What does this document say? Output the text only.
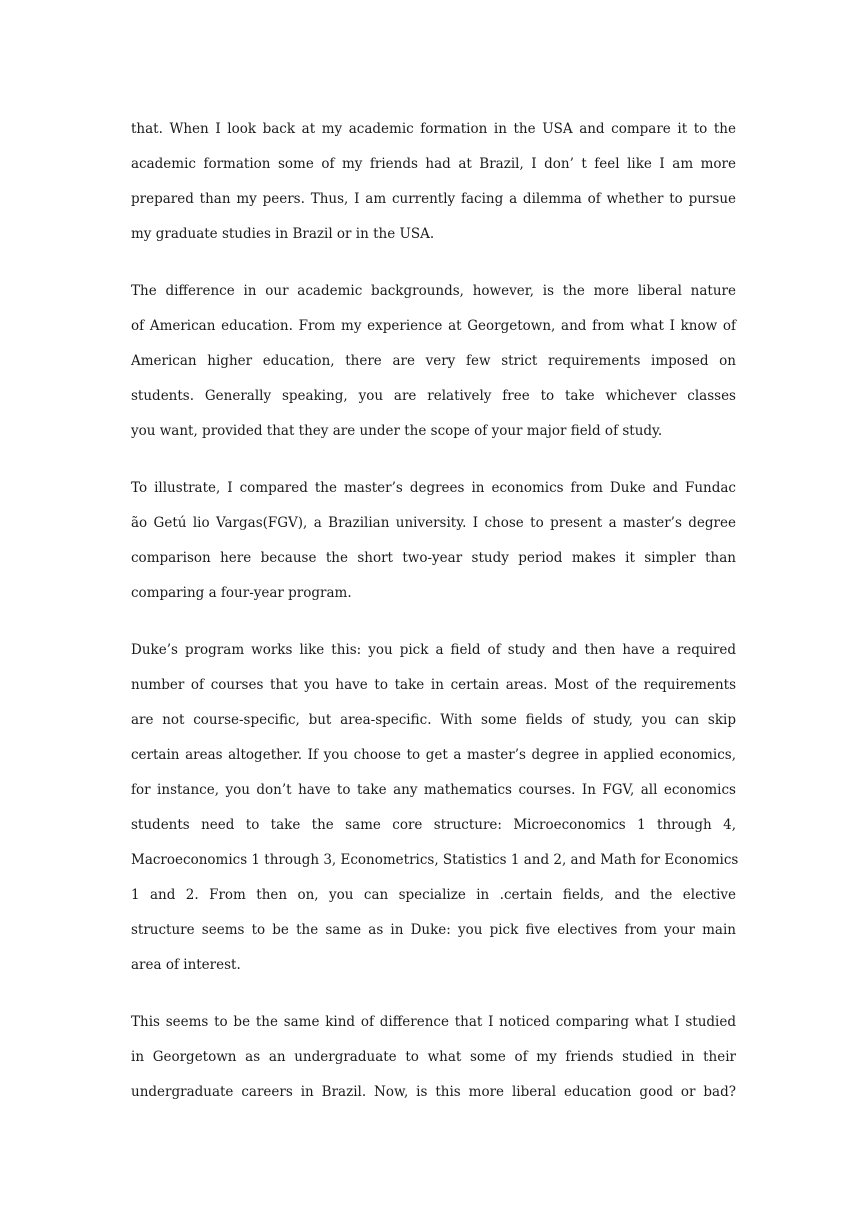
that. When I look back at my academic formation in the USA and compare it to the
academic formation some of my friends had at Brazil, I don’ t feel like I am more
prepared than my peers. Thus, I am currently facing a dilemma of whether to pursue
my graduate studies in Brazil or in the USA.

The difference in our academic backgrounds, however, is the more liberal nature
of American education. From my experience at Georgetown, and from what I know of
American higher education, there are very few strict requirements imposed on
students. Generally speaking, you are relatively free to take whichever classes
you want, provided that they are under the scope of your major field of study.

To illustrate, I compared the master’s degrees in economics from Duke and Fundac
ão Getú lio Vargas(FGV), a Brazilian university. I chose to present a master’s degree
comparison here because the short two-year study period makes it simpler than
comparing a four-year program.

Duke’s program works like this: you pick a field of study and then have a required
number of courses that you have to take in certain areas. Most of the requirements
are not course-specific, but area-specific. With some fields of study, you can skip
certain areas altogether. If you choose to get a master’s degree in applied economics,
for instance, you don’t have to take any mathematics courses. In FGV, all economics
students need to take the same core structure: Microeconomics 1 through 4,
Macroeconomics 1 through 3, Econometrics, Statistics 1 and 2, and Math for Economics
1 and 2. From then on, you can specialize in .certain fields, and the elective
structure seems to be the same as in Duke: you pick five electives from your main
area of interest.

This seems to be the same kind of difference that I noticed comparing what I studied
in Georgetown as an undergraduate to what some of my friends studied in their
undergraduate careers in Brazil. Now, is this more liberal education good or bad?
